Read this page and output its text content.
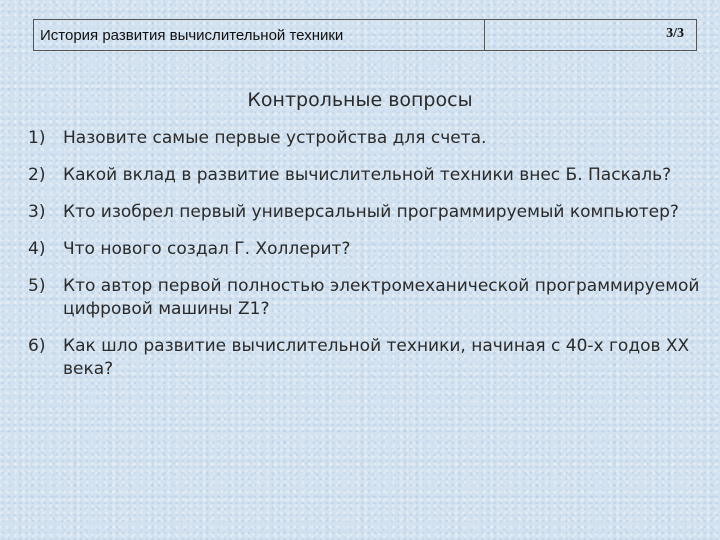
История развития вычислительной техники	3/3
Контрольные вопросы
1)	Назовите самые первые устройства для счета.
2)	Какой вклад в развитие вычислительной техники внес Б. Паскаль?
3)	Кто изобрел первый универсальный программируемый компьютер?
4)	Что нового создал Г. Холлерит?
5)	Кто автор первой полностью электромеханической программируемой цифровой машины Z1?
6)	Как шло развитие вычислительной техники, начиная с 40-х годов XX века?
